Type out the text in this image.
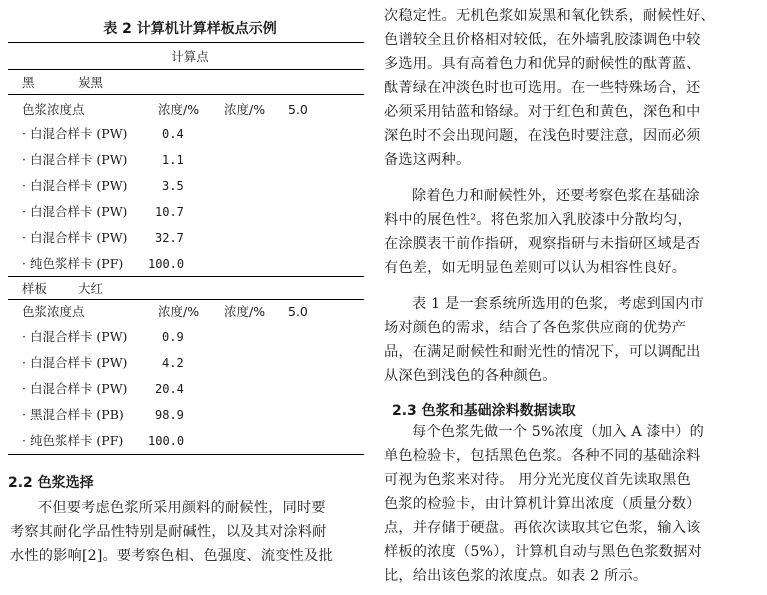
表 2 计算机计算样板点示例
计算点
黑	炭黑
色浆浓度点	浓度/% 浓度/% 5.0
· 白混合样卡 (PW)	0.4
· 白混合样卡 (PW)	1.1
· 白混合样卡 (PW)	3.5
· 白混合样卡 (PW) 10.7
· 白混合样卡 (PW) 32.7
· 纯色浆样卡 (PF) 100.0
样板 大红
色浆浓度点	浓度/% 浓度/% 5.0
· 白混合样卡 (PW)	0.9
· 白混合样卡 (PW)	4.2
· 白混合样卡 (PW) 20.4
· 黑混合样卡 (PB)	98.9
· 纯色浆样卡 (PF) 100.0
2.2 色浆选择
不但要考虑色浆所采用颜料的耐候性，同时要
考察其耐化学品性特别是耐碱性，以及其对涂料耐
水性的影响[2]。要考察色相、色强度、流变性及批
次稳定性。无机色浆如炭黑和氧化铁系，耐候性好、
色谱较全且价格相对较低，在外墙乳胶漆调色中较
多选用。具有高着色力和优异的耐候性的酞菁蓝、
酞菁绿在冲淡色时也可选用。在一些特殊场合，还
必须采用钴蓝和铬绿。对于红色和黄色，深色和中
深色时不会出现问题，在浅色时要注意，因而必须
备选这两种。
除着色力和耐候性外，还要考察色浆在基础涂
料中的展色性²。将色浆加入乳胶漆中分散均匀，
在涂膜表干前作指研，观察指研与未指研区域是否
有色差，如无明显色差则可以认为相容性良好。
表 1 是一套系统所选用的色浆，考虑到国内市
场对颜色的需求，结合了各色浆供应商的优势产
品，在满足耐候性和耐光性的情况下，可以调配出
从深色到浅色的各种颜色。
2.3 色浆和基础涂料数据读取
每个色浆先做一个 5%浓度（加入 A 漆中）的
单色检验卡，包括黑色色浆。各种不同的基础涂料
可视为色浆来对待。 用分光光度仪首先读取黑色
色浆的检验卡，由计算机计算出浓度（质量分数）
点，并存储于硬盘。再依次读取其它色浆，输入该
样板的浓度（5%），计算机自动与黑色色浆数据对
比，给出该色浆的浓度点。如表 2 所示。
